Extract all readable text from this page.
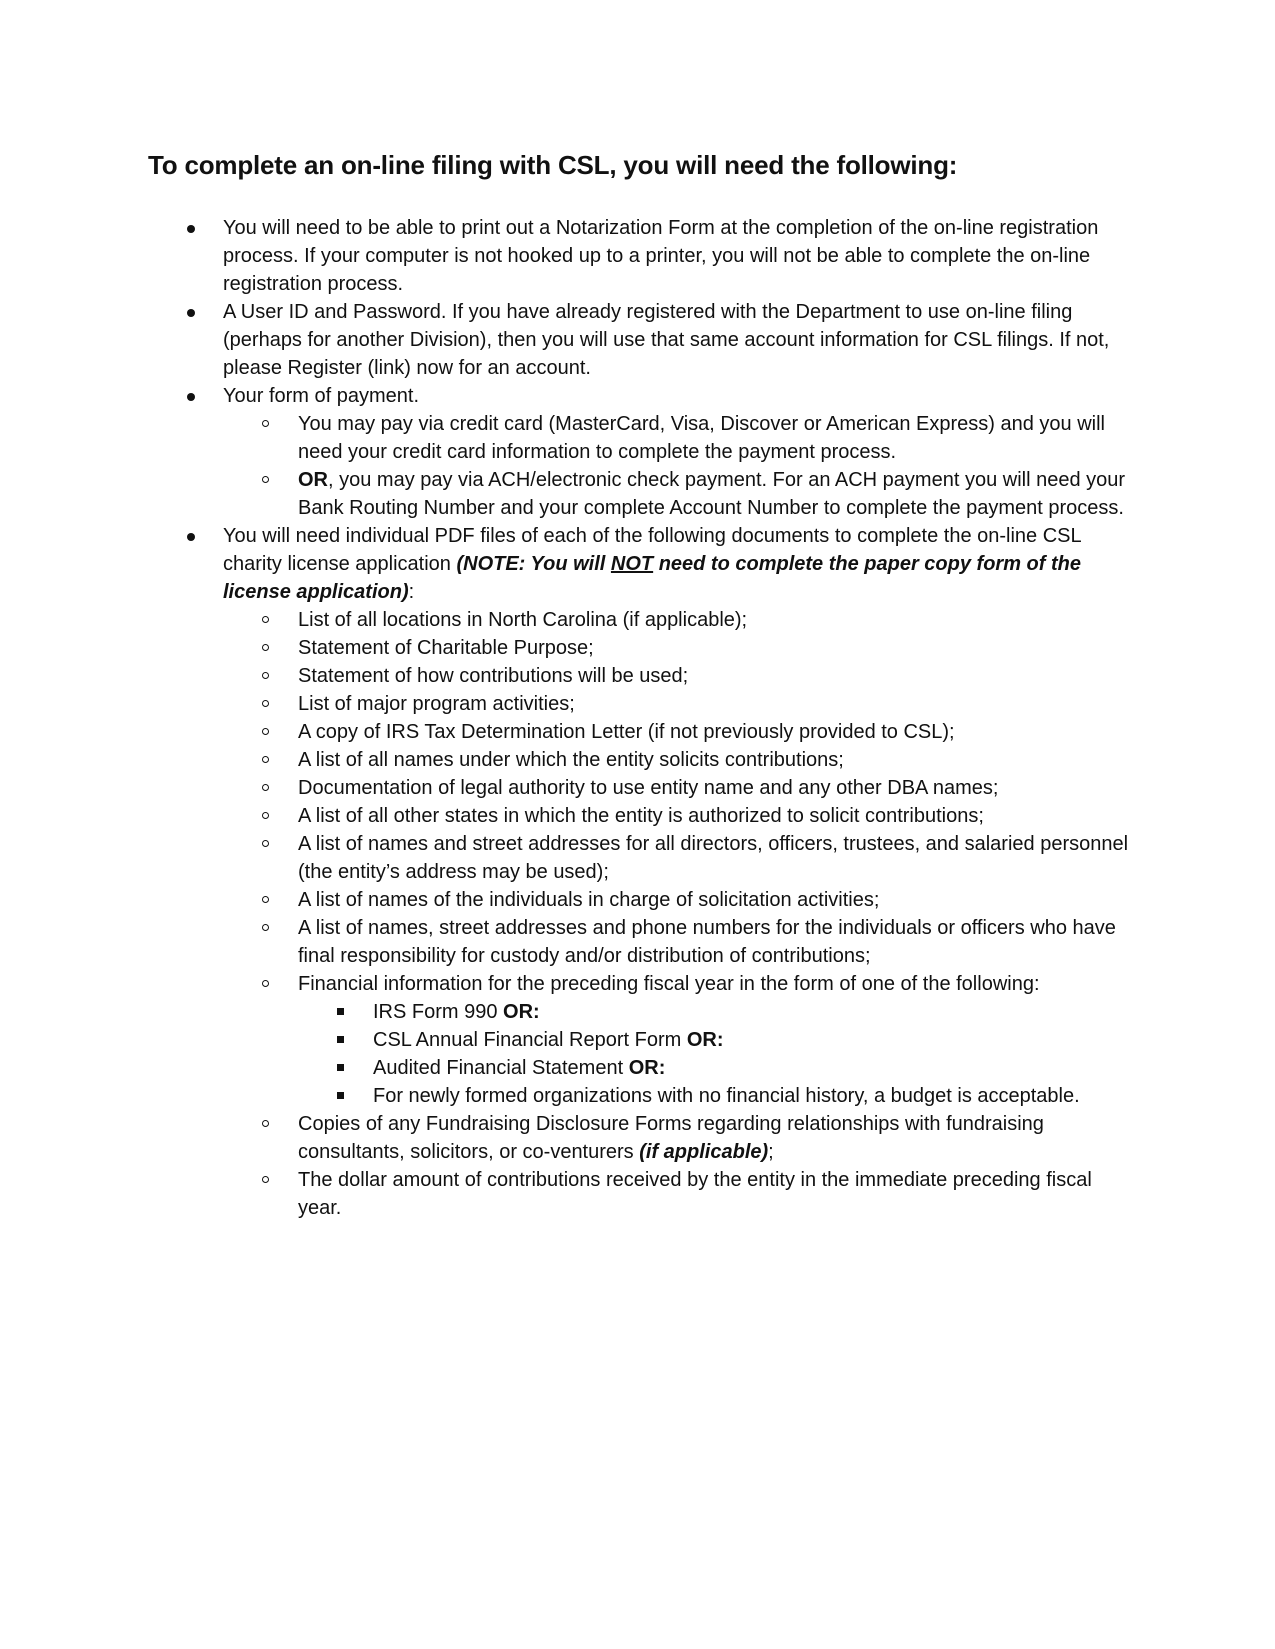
To complete an on-line filing with CSL, you will need the following:
You will need to be able to print out a Notarization Form at the completion of the on-line registration process. If your computer is not hooked up to a printer, you will not be able to complete the on-line registration process.
A User ID and Password. If you have already registered with the Department to use on-line filing (perhaps for another Division), then you will use that same account information for CSL filings. If not, please Register (link) now for an account.
Your form of payment.
You may pay via credit card (MasterCard, Visa, Discover or American Express) and you will need your credit card information to complete the payment process.
OR, you may pay via ACH/electronic check payment. For an ACH payment you will need your Bank Routing Number and your complete Account Number to complete the payment process.
You will need individual PDF files of each of the following documents to complete the on-line CSL charity license application (NOTE: You will NOT need to complete the paper copy form of the license application):
List of all locations in North Carolina (if applicable);
Statement of Charitable Purpose;
Statement of how contributions will be used;
List of major program activities;
A copy of IRS Tax Determination Letter (if not previously provided to CSL);
A list of all names under which the entity solicits contributions;
Documentation of legal authority to use entity name and any other DBA names;
A list of all other states in which the entity is authorized to solicit contributions;
A list of names and street addresses for all directors, officers, trustees, and salaried personnel (the entity’s address may be used);
A list of names of the individuals in charge of solicitation activities;
A list of names, street addresses and phone numbers for the individuals or officers who have final responsibility for custody and/or distribution of contributions;
Financial information for the preceding fiscal year in the form of one of the following:
IRS Form 990 OR:
CSL Annual Financial Report Form OR:
Audited Financial Statement OR:
For newly formed organizations with no financial history, a budget is acceptable.
Copies of any Fundraising Disclosure Forms regarding relationships with fundraising consultants, solicitors, or co-venturers (if applicable);
The dollar amount of contributions received by the entity in the immediate preceding fiscal year.
